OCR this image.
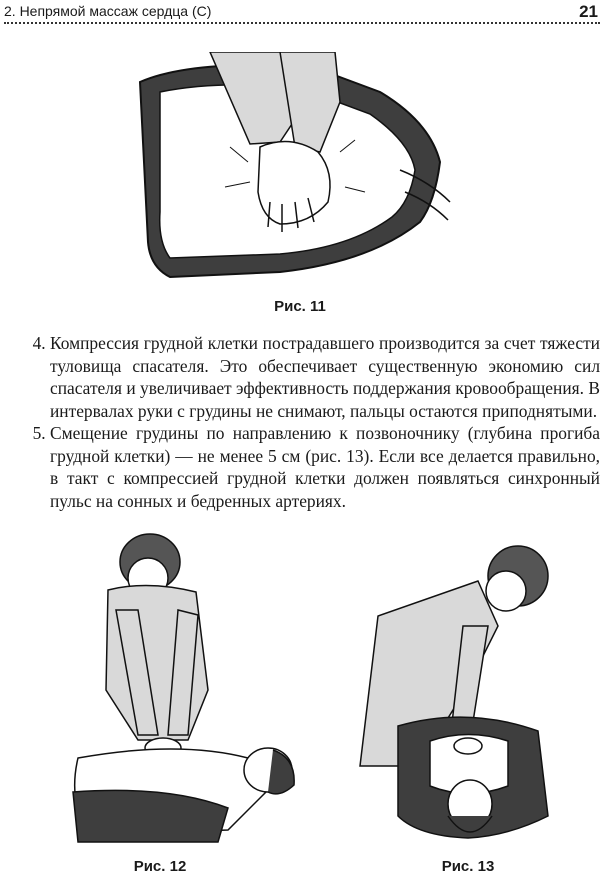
2. Непрямой массаж сердца (С)	21
Рис. 11
4. Компрессия грудной клетки пострадавшего производится за счет тяжести туловища спасателя. Это обеспечивает существенную экономию сил спасателя и увеличивает эффективность поддержания кровообращения. В интервалах руки с грудины не снимают, пальцы остаются приподнятыми.
5. Смещение грудины по направлению к позвоночнику (глубина прогиба грудной клетки) — не менее 5 см (рис. 13). Если все делается правильно, в такт с компрессией грудной клетки должен появляться синхронный пульс на сонных и бедренных артериях.
Рис. 12	Рис. 13
